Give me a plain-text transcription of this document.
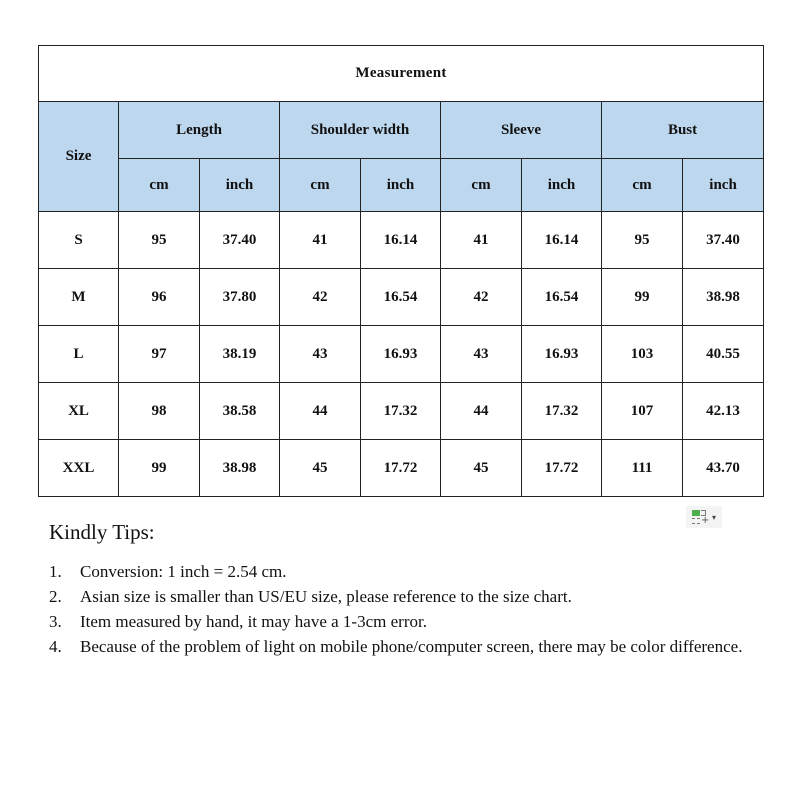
Measurement								
Size	Length		Shoulder width		Sleeve		Bust	
	cm	inch	cm	inch	cm	inch	cm	inch
S	95	37.40	41	16.14	41	16.14	95	37.40
M	96	37.80	42	16.54	42	16.54	99	38.98
L	97	38.19	43	16.93	43	16.93	103	40.55
XL	98	38.58	44	17.32	44	17.32	107	42.13
XXL	99	38.98	45	17.72	45	17.72	111	43.70
+ ▾
Kindly Tips:
1.	Conversion: 1 inch = 2.54 cm.
2.	Asian size is smaller than US/EU size, please reference to the size chart.
3.	Item measured by hand, it may have a 1-3cm error.
4.	Because of the problem of light on mobile phone/computer screen, there may be color difference.
